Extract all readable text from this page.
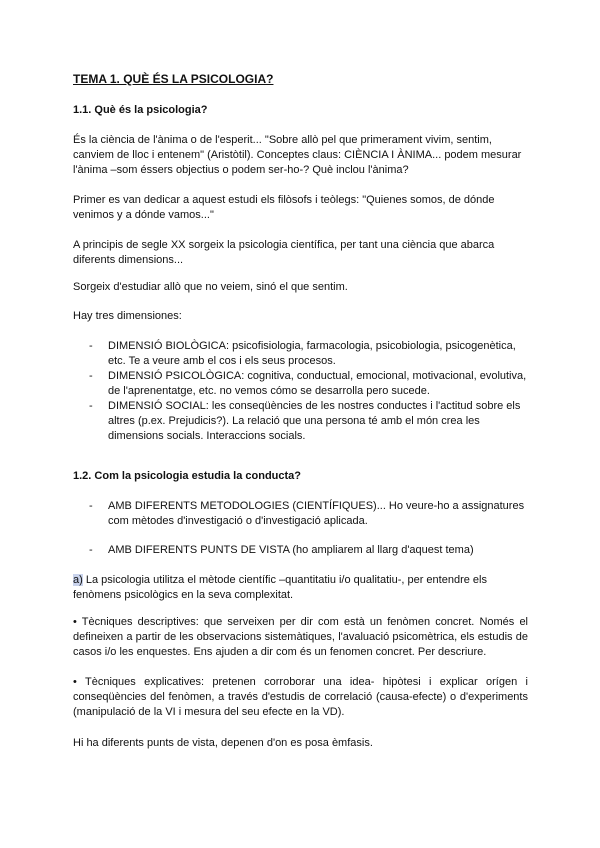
TEMA 1. QUÈ ÉS LA PSICOLOGIA?

1.1. Què és la psicologia?

És la ciència de l'ànima o de l'esperit... "Sobre allò pel que primerament vivim, sentim, canviem de lloc i entenem" (Aristòtil). Conceptes claus: CIÈNCIA I ÀNIMA... podem mesurar l'ànima –som éssers objectius o podem ser-ho-? Què inclou l'ànima?

Primer es van dedicar a aquest estudi els filòsofs i teòlegs: "Quienes somos, de dónde venimos y a dónde vamos..."

A principis de segle XX sorgeix la psicologia científica, per tant una ciència que abarca diferents dimensions...

Sorgeix d'estudiar allò que no veiem, sinó el que sentim.

Hay tres dimensiones:

- DIMENSIÓ BIOLÒGICA: psicofisiologia, farmacologia, psicobiologia, psicogenètica, etc. Te a veure amb el cos i els seus procesos.
- DIMENSIÓ PSICOLÒGICA: cognitiva, conductual, emocional, motivacional, evolutiva, de l'aprenentatge, etc. no vemos cómo se desarrolla pero sucede.
- DIMENSIÓ SOCIAL: les conseqüències de les nostres conductes i l'actitud sobre els altres (p.ex. Prejudicis?). La relació que una persona té amb el món crea les dimensions socials. Interaccions socials.

1.2. Com la psicologia estudia la conducta?

- AMB DIFERENTS METODOLOGIES (CIENTÍFIQUES)... Ho veure-ho a assignatures com mètodes d'investigació o d'investigació aplicada.
- AMB DIFERENTS PUNTS DE VISTA (ho ampliarem al llarg d'aquest tema)

a) La psicologia utilitza el mètode científic –quantitatiu i/o qualitatiu-, per entendre els fenòmens psicològics en la seva complexitat.

• Tècniques descriptives: que serveixen per dir com està un fenòmen concret. Només el defineixen a partir de les observacions sistemàtiques, l'avaluació psicomètrica, els estudis de casos i/o les enquestes. Ens ajuden a dir com és un fenomen concret. Per descriure.

• Tècniques explicatives: pretenen corroborar una idea- hipòtesi i explicar orígen i conseqüències del fenòmen, a través d'estudis de correlació (causa-efecte) o d'experiments (manipulació de la VI i mesura del seu efecte en la VD).

Hi ha diferents punts de vista, depenen d'on es posa èmfasis.
